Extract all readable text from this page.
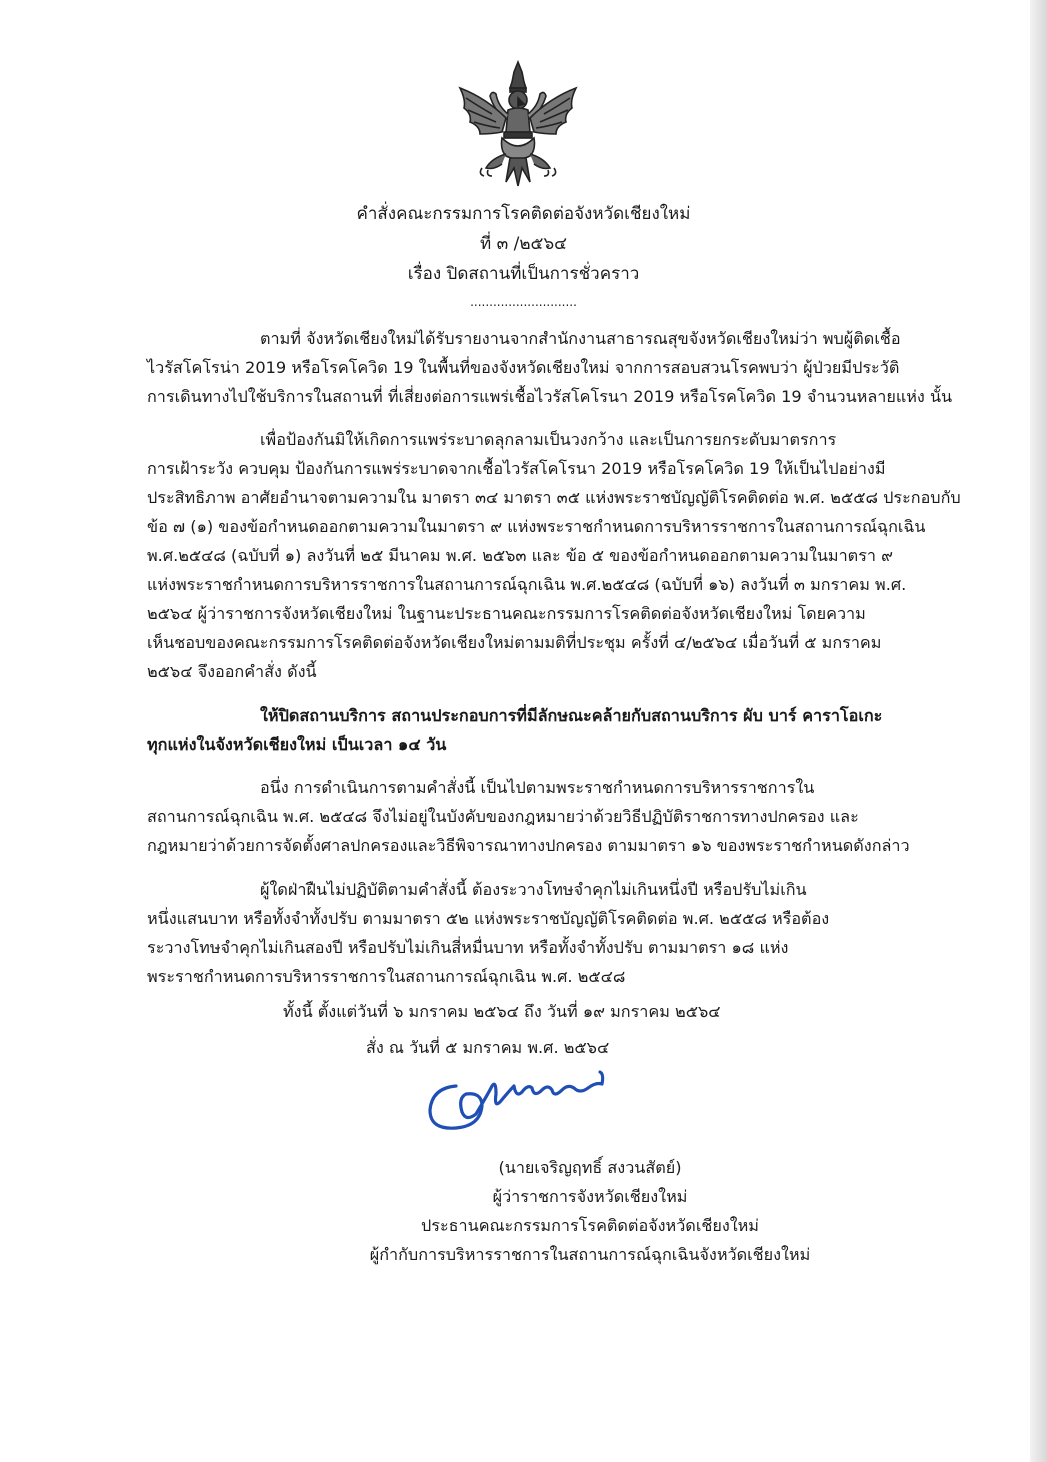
คำสั่งคณะกรรมการโรคติดต่อจังหวัดเชียงใหม่
ที่ ๓ /๒๕๖๔
เรื่อง ปิดสถานที่เป็นการชั่วคราว
............................
ตามที่ จังหวัดเชียงใหม่ได้รับรายงานจากสำนักงานสาธารณสุขจังหวัดเชียงใหม่ว่า พบผู้ติดเชื้อ
ไวรัสโคโรน่า 2019 หรือโรคโควิด 19 ในพื้นที่ของจังหวัดเชียงใหม่ จากการสอบสวนโรคพบว่า ผู้ป่วยมีประวัติ
การเดินทางไปใช้บริการในสถานที่ ที่เสี่ยงต่อการแพร่เชื้อไวรัสโคโรนา 2019 หรือโรคโควิด 19 จำนวนหลายแห่ง นั้น
เพื่อป้องกันมิให้เกิดการแพร่ระบาดลุกลามเป็นวงกว้าง และเป็นการยกระดับมาตรการ
การเฝ้าระวัง ควบคุม ป้องกันการแพร่ระบาดจากเชื้อไวรัสโคโรนา 2019 หรือโรคโควิด 19 ให้เป็นไปอย่างมี
ประสิทธิภาพ อาศัยอำนาจตามความใน มาตรา ๓๔ มาตรา ๓๕ แห่งพระราชบัญญัติโรคติดต่อ พ.ศ. ๒๕๕๘ ประกอบกับ
ข้อ ๗ (๑) ของข้อกำหนดออกตามความในมาตรา ๙ แห่งพระราชกำหนดการบริหารราชการในสถานการณ์ฉุกเฉิน
พ.ศ.๒๕๔๘ (ฉบับที่ ๑) ลงวันที่ ๒๕ มีนาคม พ.ศ. ๒๕๖๓ และ ข้อ ๕ ของข้อกำหนดออกตามความในมาตรา ๙
แห่งพระราชกำหนดการบริหารราชการในสถานการณ์ฉุกเฉิน พ.ศ.๒๕๔๘ (ฉบับที่ ๑๖) ลงวันที่ ๓ มกราคม พ.ศ.
๒๕๖๔ ผู้ว่าราชการจังหวัดเชียงใหม่ ในฐานะประธานคณะกรรมการโรคติดต่อจังหวัดเชียงใหม่ โดยความ
เห็นชอบของคณะกรรมการโรคติดต่อจังหวัดเชียงใหม่ตามมติที่ประชุม ครั้งที่ ๔/๒๕๖๔ เมื่อวันที่ ๕ มกราคม
๒๕๖๔ จึงออกคำสั่ง ดังนี้
ให้ปิดสถานบริการ สถานประกอบการที่มีลักษณะคล้ายกับสถานบริการ ผับ บาร์ คาราโอเกะ
ทุกแห่งในจังหวัดเชียงใหม่ เป็นเวลา ๑๔ วัน
อนึ่ง การดำเนินการตามคำสั่งนี้ เป็นไปตามพระราชกำหนดการบริหารราชการใน
สถานการณ์ฉุกเฉิน พ.ศ. ๒๕๔๘ จึงไม่อยู่ในบังคับของกฎหมายว่าด้วยวิธีปฏิบัติราชการทางปกครอง และ
กฎหมายว่าด้วยการจัดตั้งศาลปกครองและวิธีพิจารณาทางปกครอง ตามมาตรา ๑๖ ของพระราชกำหนดดังกล่าว
ผู้ใดฝ่าฝืนไม่ปฏิบัติตามคำสั่งนี้ ต้องระวางโทษจำคุกไม่เกินหนึ่งปี หรือปรับไม่เกิน
หนึ่งแสนบาท หรือทั้งจำทั้งปรับ ตามมาตรา ๕๒ แห่งพระราชบัญญัติโรคติดต่อ พ.ศ. ๒๕๕๘ หรือต้อง
ระวางโทษจำคุกไม่เกินสองปี หรือปรับไม่เกินสี่หมื่นบาท หรือทั้งจำทั้งปรับ ตามมาตรา ๑๘ แห่ง
พระราชกำหนดการบริหารราชการในสถานการณ์ฉุกเฉิน พ.ศ. ๒๕๔๘
ทั้งนี้ ตั้งแต่วันที่ ๖ มกราคม ๒๕๖๔ ถึง วันที่ ๑๙ มกราคม ๒๕๖๔
สั่ง ณ วันที่ ๕ มกราคม พ.ศ. ๒๕๖๔
(นายเจริญฤทธิ์ สงวนสัตย์)
ผู้ว่าราชการจังหวัดเชียงใหม่
ประธานคณะกรรมการโรคติดต่อจังหวัดเชียงใหม่
ผู้กำกับการบริหารราชการในสถานการณ์ฉุกเฉินจังหวัดเชียงใหม่
